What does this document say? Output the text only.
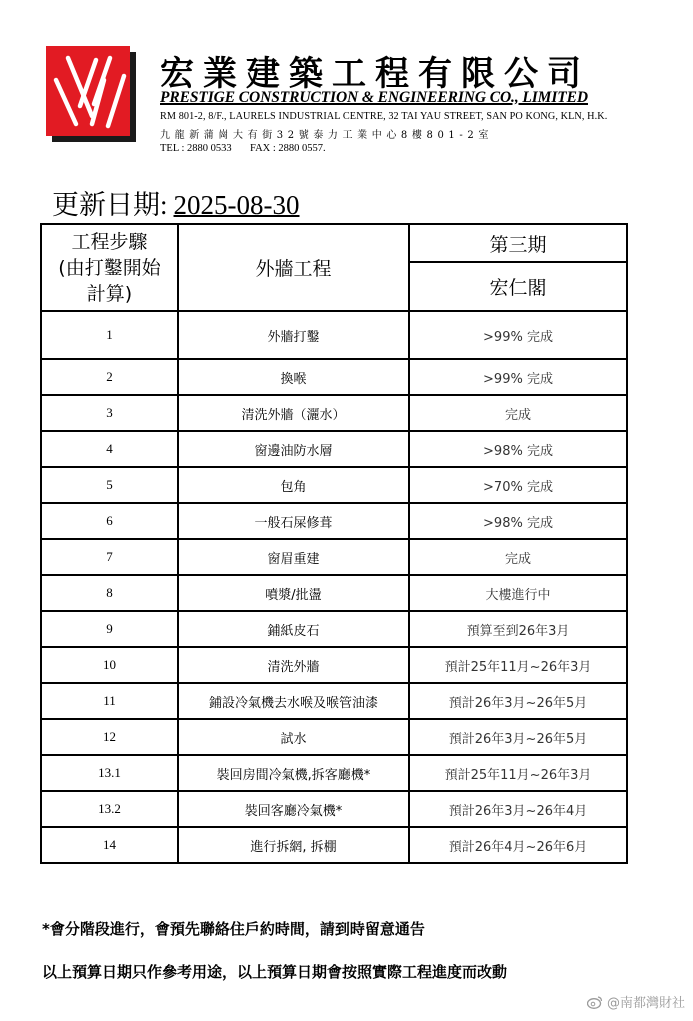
宏業建築工程有限公司
PRESTIGE CONSTRUCTION & ENGINEERING CO., LIMITED
RM 801-2, 8/F., LAURELS INDUSTRIAL CENTRE, 32 TAI YAU STREET, SAN PO KONG, KLN, H.K.
九龍新蒲崗大有街32號泰力工業中心8樓801-2室
TEL : 2880 0533       FAX : 2880 0557.
更新日期: 2025-08-30
工程步驟
(由打鑿開始
計算)	外牆工程	第三期
		宏仁閣
1	外牆打鑿	>99% 完成
2	換喉	>99% 完成
3	清洗外牆（灑水）	完成
4	窗邊油防水層	>98% 完成
5	包角	>70% 完成
6	一般石屎修葺	>98% 完成
7	窗眉重建	完成
8	噴漿/批盪	大樓進行中
9	鋪紙皮石	預算至到26年3月
10	清洗外牆	預計25年11月~26年3月
11	鋪設冷氣機去水喉及喉管油漆	預計26年3月~26年5月
12	試水	預計26年3月~26年5月
13.1	裝回房間冷氣機,拆客廳機*	預計25年11月~26年3月
13.2	裝回客廳冷氣機*	預計26年3月~26年4月
14	進行拆網, 拆棚	預計26年4月~26年6月
*會分階段進行，會預先聯絡住戶約時間，請到時留意通告
以上預算日期只作參考用途，以上預算日期會按照實際工程進度而改動
@南都灣財社
